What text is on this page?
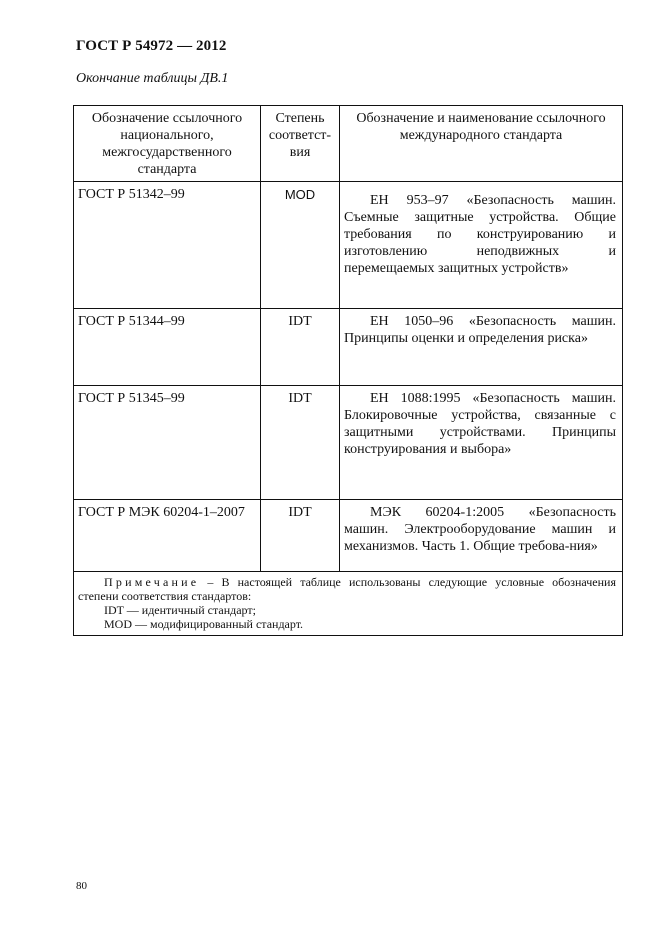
ГОСТ Р 54972 — 2012
Окончание таблицы ДВ.1
Обозначение ссылочного национального, межгосударственного стандарта	Степень соответст-вия	Обозначение и наименование ссылочного международного стандарта
ГОСТ Р 51342–99	MOD	ЕН 953–97 «Безопасность машин. Съемные защитные устройства. Общие требования по конструированию и изготовлению неподвижных и перемещаемых защитных устройств»
ГОСТ Р 51344–99	IDT	ЕН 1050–96 «Безопасность машин. Принципы оценки и определения риска»
ГОСТ Р 51345–99	IDT	ЕН 1088:1995 «Безопасность машин. Блокировочные устройства, связанные с защитными устройствами. Принципы конструирования и выбора»
ГОСТ Р МЭК 60204-1–2007	IDT	МЭК 60204-1:2005 «Безопасность машин. Электрооборудование машин и механизмов. Часть 1. Общие требова-ния»

Примечание – В настоящей таблице использованы следующие условные обозначения степени соответствия стандартов:
IDT — идентичный стандарт;
MOD — модифицированный стандарт.		
80
